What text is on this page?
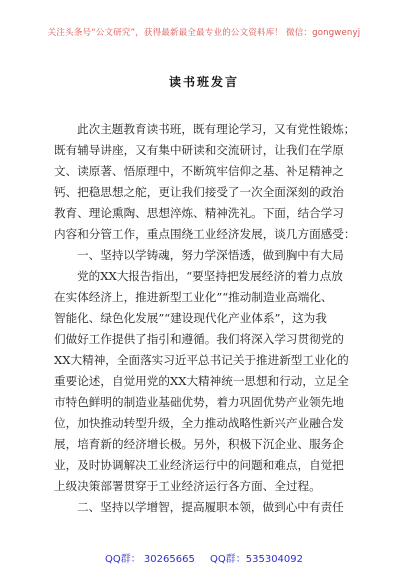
关注头条号“公文研究”，获得最新最全最专业的公文资料库！ 微信：gongwenyj
读书班发言
此次主题教育读书班，既有理论学习，又有党性锻炼；
既有辅导讲座，又有集中研读和交流研讨，让我们在学原
文、读原著、悟原理中，不断筑牢信仰之基、补足精神之
钙、把稳思想之舵，更让我们接受了一次全面深刻的政治
教育、理论熏陶、思想淬炼、精神洗礼。下面，结合学习
内容和分管工作，重点围绕工业经济发展，谈几方面感受：
一、坚持以学铸魂，努力学深悟透，做到胸中有大局
党的XX大报告指出，“要坚持把发展经济的着力点放
在实体经济上，推进新型工业化”“推动制造业高端化、
智能化、绿色化发展”“建设现代化产业体系”，这为我
们做好工作提供了指引和遵循。我们将深入学习贯彻党的
XX大精神，全面落实习近平总书记关于推进新型工业化的
重要论述，自觉用党的XX大精神统一思想和行动，立足全
市特色鲜明的制造业基础优势，着力巩固优势产业领先地
位，加快推动转型升级，全力推动战略性新兴产业融合发
展，培育新的经济增长极。另外，积极下沉企业、服务企
业，及时协调解决工业经济运行中的问题和难点，自觉把
上级决策部署贯穿于工业经济运行各方面、全过程。
二、坚持以学增智，提高履职本领，做到心中有责任
QQ群： 30265665 QQ群：535304092
